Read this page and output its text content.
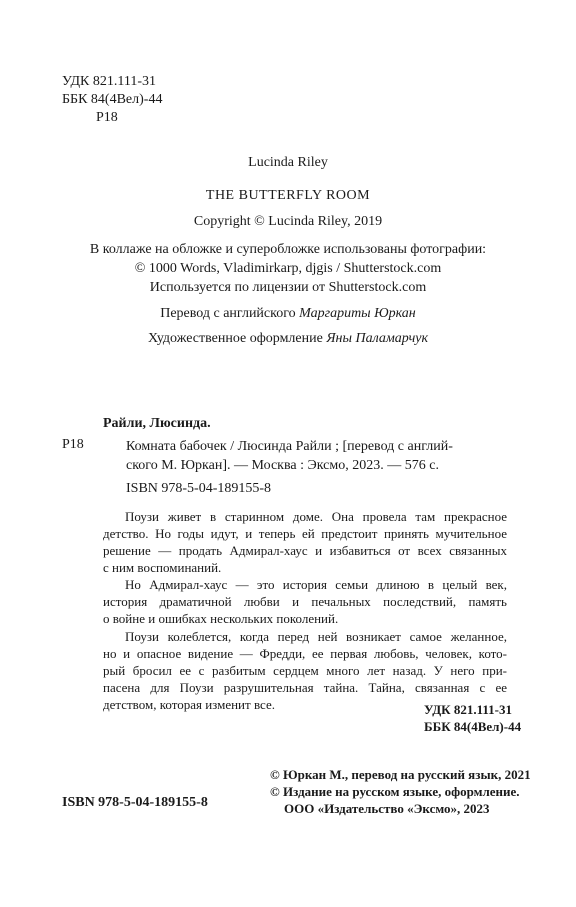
УДК 821.111-31
ББК 84(4Вел)-44
Р18
Lucinda Riley
THE BUTTERFLY ROOM
Copyright © Lucinda Riley, 2019
В коллаже на обложке и суперобложке использованы фотографии:
© 1000 Words, Vladimirkarp, djgis / Shutterstock.com
Используется по лицензии от Shutterstock.com
Перевод с английского Маргариты Юркан
Художественное оформление Яны Паламарчук
Райли, Люсинда.
Р18	Комната бабочек / Люсинда Райли ; [перевод с англий-
ского М. Юркан]. — Москва : Эксмо, 2023. — 576 с.
ISBN 978-5-04-189155-8
Поузи живет в старинном доме. Она провела там прекрасное
детство. Но годы идут, и теперь ей предстоит принять мучительное
решение — продать Адмирал-хаус и избавиться от всех связанных
с ним воспоминаний.
Но Адмирал-хаус — это история семьи длиною в целый век,
история драматичной любви и печальных последствий, память
о войне и ошибках нескольких поколений.
Поузи колеблется, когда перед ней возникает самое желанное,
но и опасное видение — Фредди, ее первая любовь, человек, кото-
рый бросил ее с разбитым сердцем много лет назад. У него при-
пасена для Поузи разрушительная тайна. Тайна, связанная с ее
детством, которая изменит все.	УДК 821.111-31
ББК 84(4Вел)-44
© Юркан М., перевод на русский язык, 2021
© Издание на русском языке, оформление.
ООО «Издательство «Эксмо», 2023
ISBN 978-5-04-189155-8
